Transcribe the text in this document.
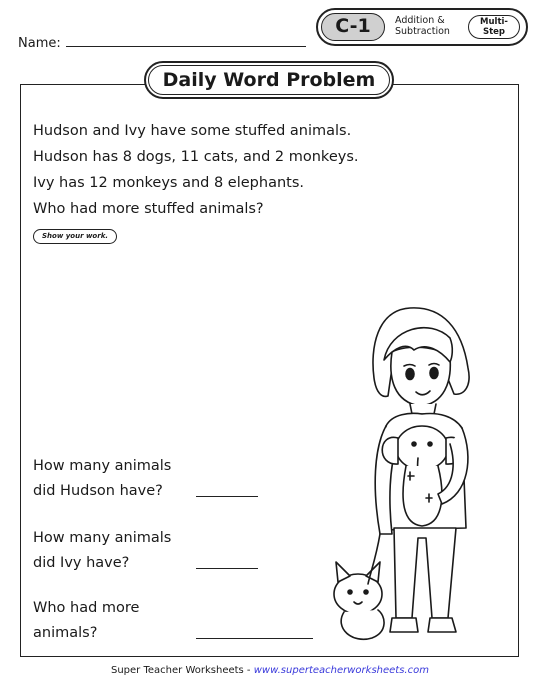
Name:
C-1	Addition &
Subtraction
Multi-
Step
Daily Word Problem
Hudson and Ivy have some stuffed animals.
Hudson has 8 dogs, 11 cats, and 2 monkeys.
Ivy has 12 monkeys and 8 elephants.
Who had more stuffed animals?
Show your work.
How many animals
did Hudson have?
How many animals
did Ivy have?
Who had more
animals?
Super Teacher Worksheets - www.superteacherworksheets.com
